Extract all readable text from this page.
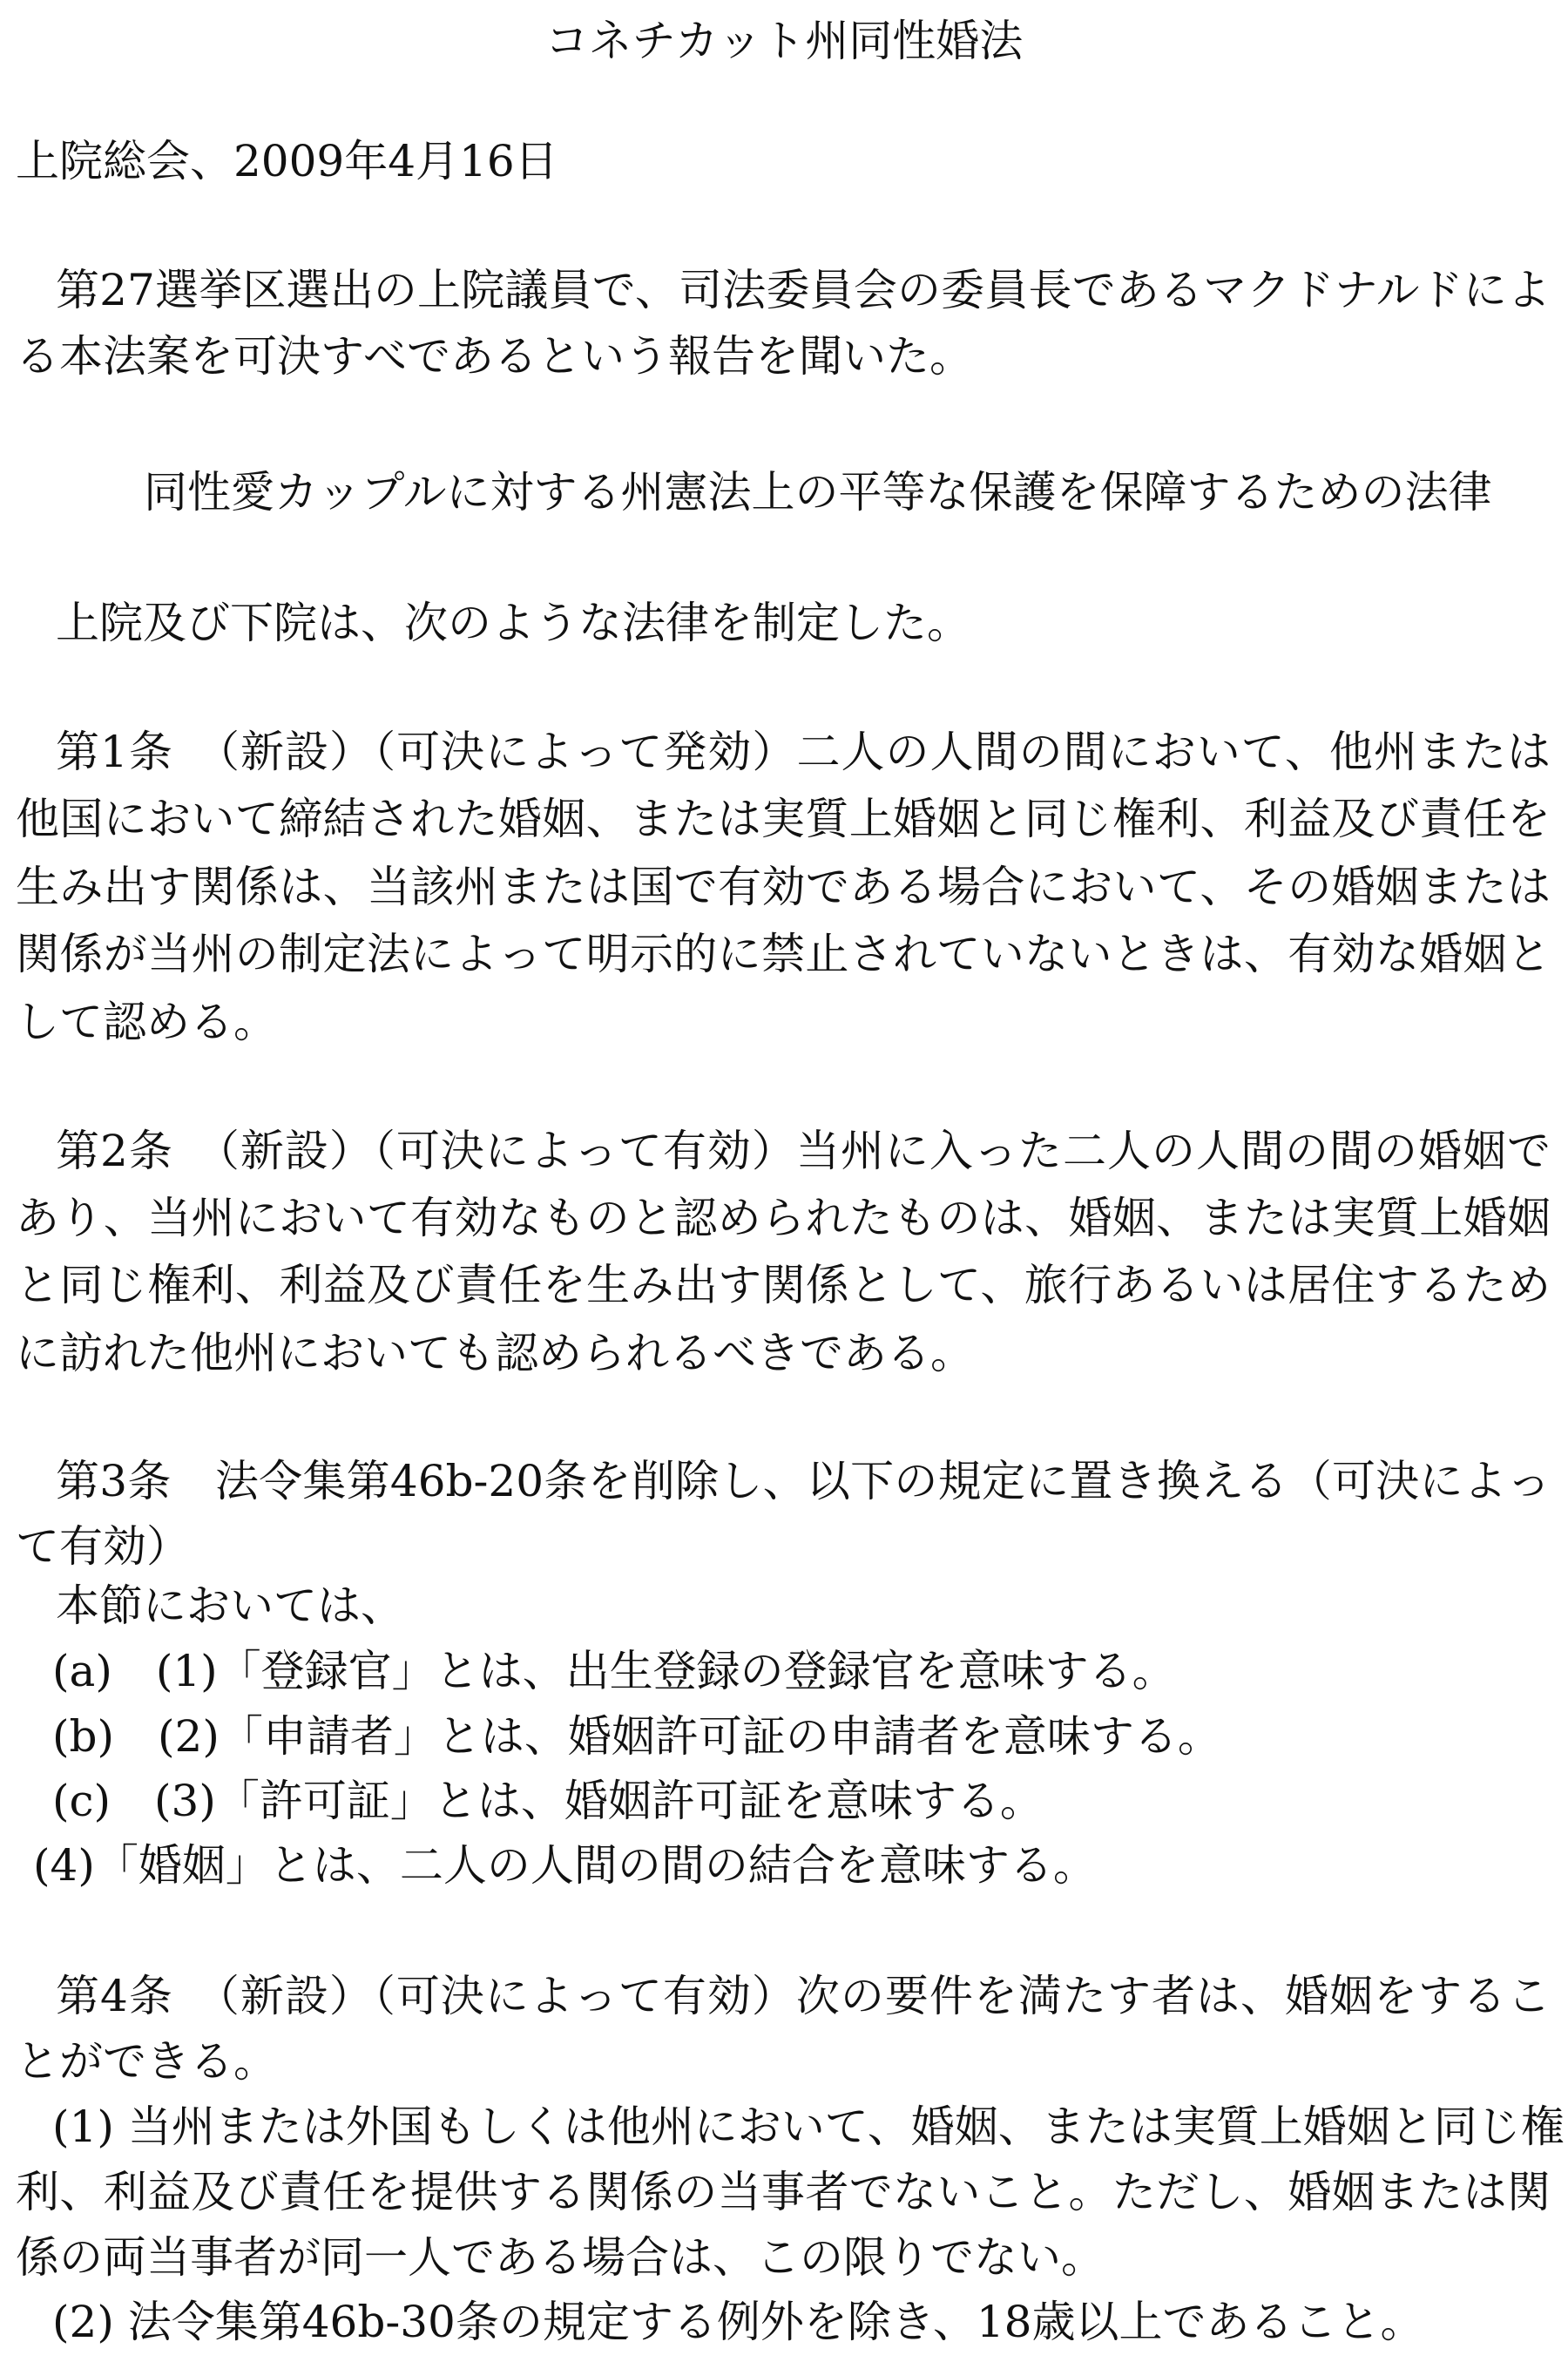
コネチカット州同性婚法
上院総会、2009年4月16日
第27選挙区選出の上院議員で、司法委員会の委員長であるマクドナルドによ
る本法案を可決すべであるという報告を聞いた。
同性愛カップルに対する州憲法上の平等な保護を保障するための法律
上院及び下院は、次のような法律を制定した。
第1条　（新設）（可決によって発効）二人の人間の間において、他州または
他国において締結された婚姻、または実質上婚姻と同じ権利、利益及び責任を
生み出す関係は、当該州または国で有効である場合において、その婚姻または
関係が当州の制定法によって明示的に禁止されていないときは、有効な婚姻と
して認める。
第2条　（新設）（可決によって有効）当州に入った二人の人間の間の婚姻で
あり、当州において有効なものと認められたものは、婚姻、または実質上婚姻
と同じ権利、利益及び責任を生み出す関係として、旅行あるいは居住するため
に訪れた他州においても認められるべきである。
第3条　法令集第46b-20条を削除し、以下の規定に置き換える（可決によっ
て有効）
本節においては、
(a)　(1)「登録官」とは、出生登録の登録官を意味する。
(b)　(2)「申請者」とは、婚姻許可証の申請者を意味する。
(c)　(3)「許可証」とは、婚姻許可証を意味する。
(4)「婚姻」とは、二人の人間の間の結合を意味する。
第4条　（新設）（可決によって有効）次の要件を満たす者は、婚姻をするこ
とができる。
(1) 当州または外国もしくは他州において、婚姻、または実質上婚姻と同じ権
利、利益及び責任を提供する関係の当事者でないこと。ただし、婚姻または関
係の両当事者が同一人である場合は、この限りでない。
(2) 法令集第46b-30条の規定する例外を除き、18歳以上であること。
